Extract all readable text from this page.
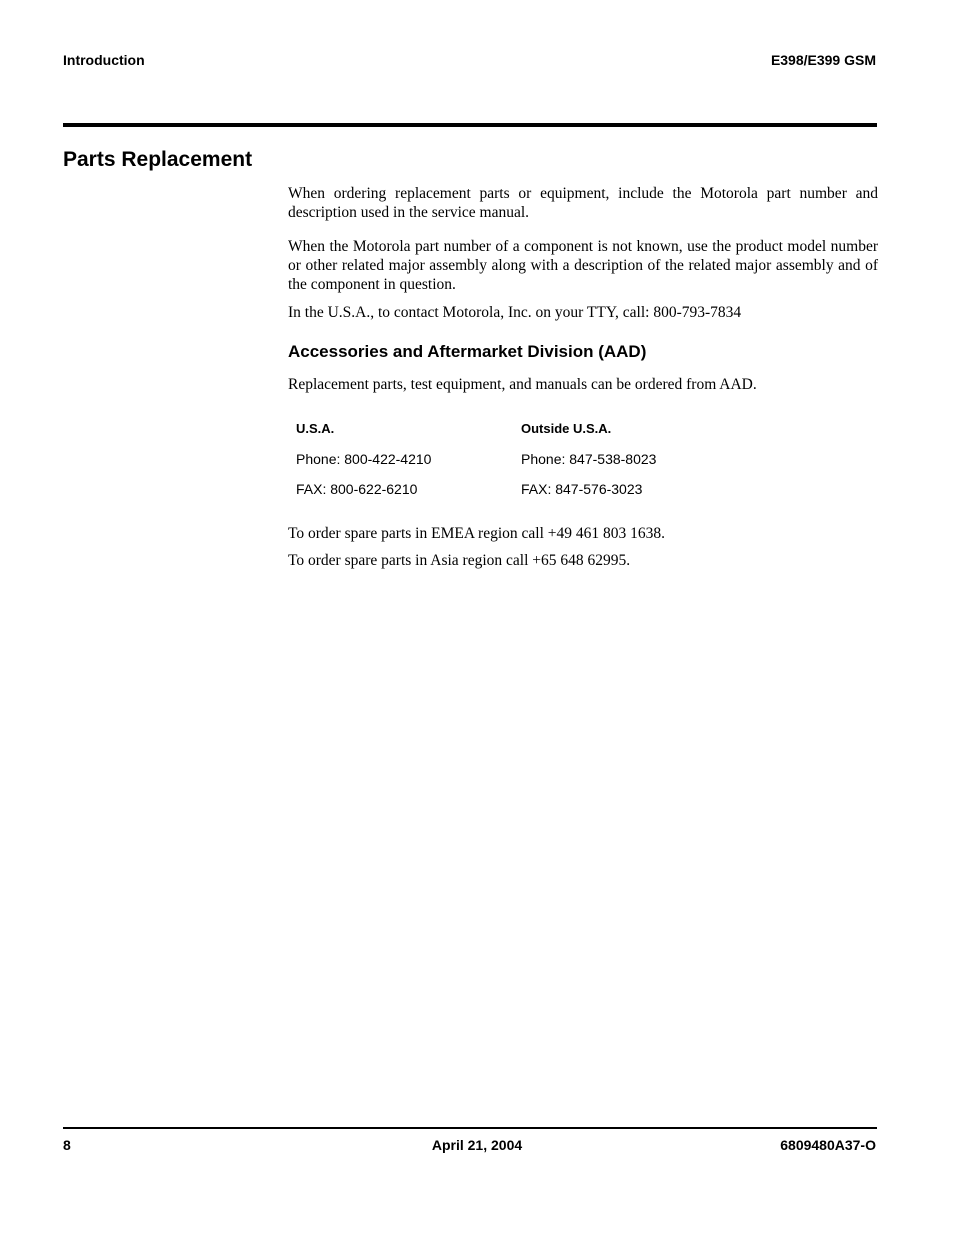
Introduction	E398/E399 GSM
Parts Replacement

When ordering replacement parts or equipment, include the Motorola part number and description used in the service manual.

When the Motorola part number of a component is not known, use the product model number or other related major assembly along with a description of the related major assembly and of the component in question.

In the U.S.A., to contact Motorola, Inc. on your TTY, call: 800-793-7834

Accessories and Aftermarket Division (AAD)

Replacement parts, test equipment, and manuals can be ordered from AAD.

U.S.A.	Outside U.S.A.
Phone: 800-422-4210	Phone: 847-538-8023
FAX: 800-622-6210	FAX: 847-576-3023

To order spare parts in EMEA region call +49 461 803 1638.

To order spare parts in Asia region call +65 648 62995.

8	April 21, 2004	6809480A37-O
